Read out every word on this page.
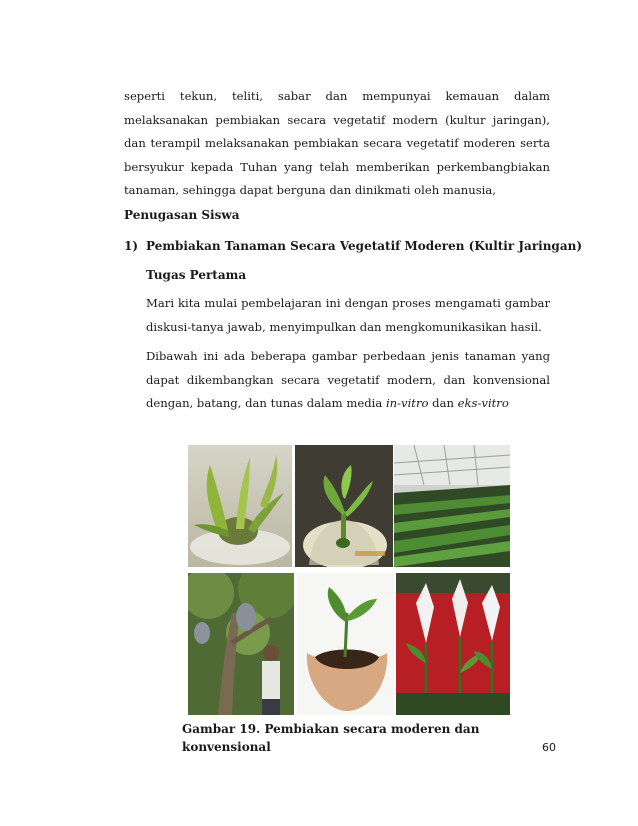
seperti tekun, teliti, sabar dan mempunyai kemauan dalam melaksanakan pembiakan secara vegetatif modern (kultur jaringan), dan terampil melaksanakan pembiakan secara vegetatif moderen serta bersyukur kepada Tuhan yang telah memberikan perkembangbiakan tanaman, sehingga dapat berguna dan dinikmati oleh manusia,

Penugasan Siswa
1) Pembiakan Tanaman Secara Vegetatif Moderen (Kultir Jaringan)
Tugas Pertama

Mari kita mulai pembelajaran ini dengan proses mengamati gambar diskusi-tanya jawab, menyimpulkan dan mengkomunikasikan hasil.

Dibawah ini ada beberapa gambar perbedaan jenis tanaman yang dapat dikembangkan secara vegetatif modern, dan konvensional dengan, batang, dan tunas dalam media in-vitro dan eks-vitro

Gambar 19. Pembiakan secara moderen dan konvensional	60
